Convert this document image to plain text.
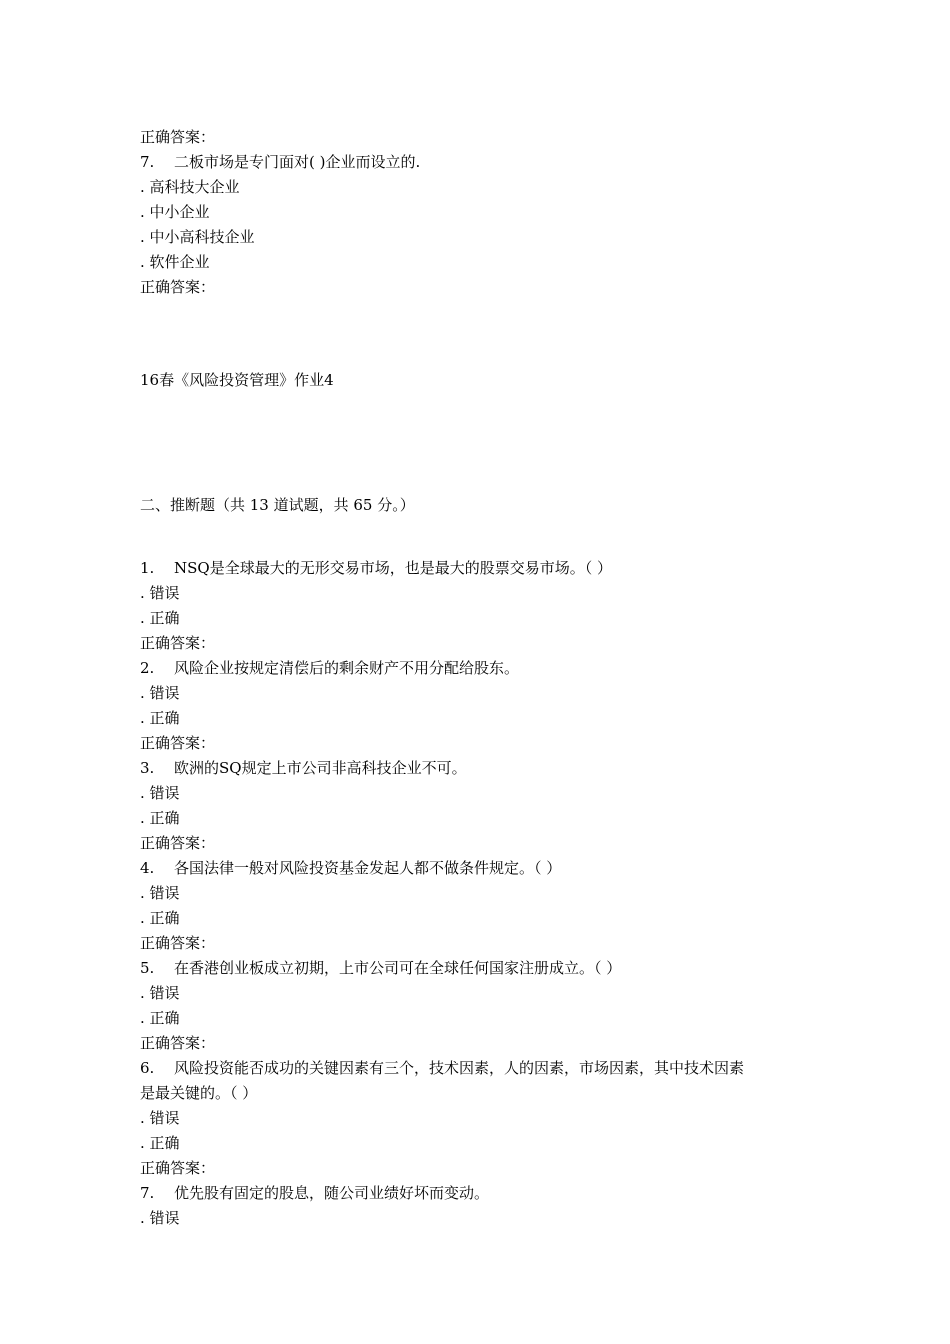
正确答案：
7. 二板市场是专门面对( )企业而设立的.
. 高科技大企业
. 中小企业
. 中小高科技企业
. 软件企业
正确答案：
16春《风险投资管理》作业4
二、推断题（共 13 道试题，共 65 分。）
1. NSQ是全球最大的无形交易市场，也是最大的股票交易市场。（ ）
. 错误
. 正确
正确答案：
2. 风险企业按规定清偿后的剩余财产不用分配给股东。
. 错误
. 正确
正确答案：
3. 欧洲的SQ规定上市公司非高科技企业不可。
. 错误
. 正确
正确答案：
4. 各国法律一般对风险投资基金发起人都不做条件规定。（ ）
. 错误
. 正确
正确答案：
5. 在香港创业板成立初期，上市公司可在全球任何国家注册成立。（ ）
. 错误
. 正确
正确答案：
6. 风险投资能否成功的关键因素有三个，技术因素，人的因素，市场因素，其中技术因素
是最关键的。（ ）
. 错误
. 正确
正确答案：
7. 优先股有固定的股息，随公司业绩好坏而变动。
. 错误
